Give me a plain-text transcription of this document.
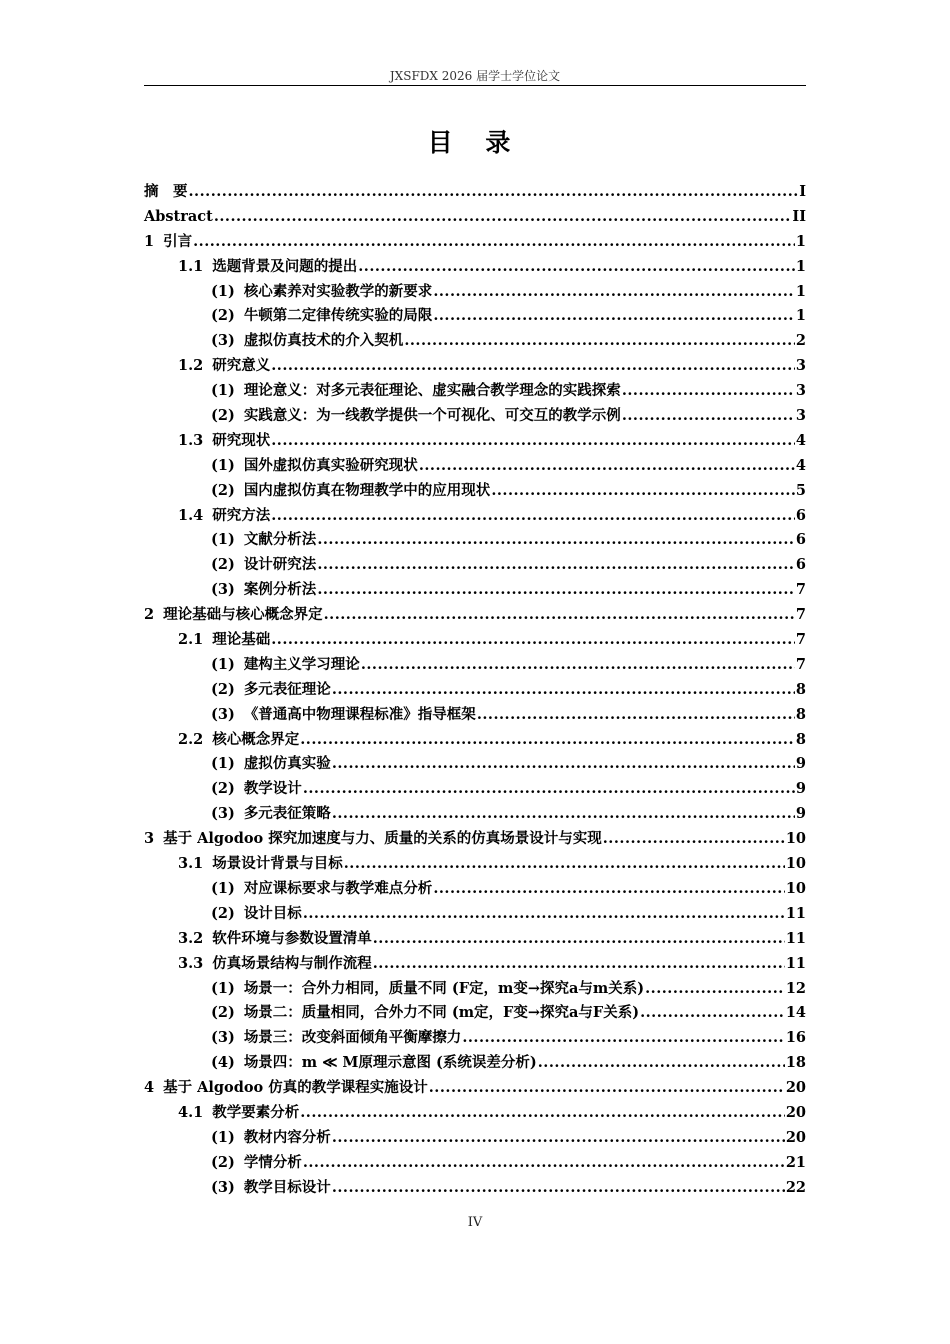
JXSFDX 2026 届学士学位论文
目 录
摘　要 .....	I
Abstract .....	II
1 引言 .....	1
1.1 选题背景及问题的提出 .....	1
(1) 核心素养对实验教学的新要求 .....	1
(2) 牛顿第二定律传统实验的局限 .....	1
(3) 虚拟仿真技术的介入契机 .....	2
1.2 研究意义 .....	3
(1) 理论意义：对多元表征理论、虚实融合教学理念的实践探索 .....	3
(2) 实践意义：为一线教学提供一个可视化、可交互的教学示例 .....	3
1.3 研究现状 .....	4
(1) 国外虚拟仿真实验研究现状 .....	4
(2) 国内虚拟仿真在物理教学中的应用现状 .....	5
1.4 研究方法 .....	6
(1) 文献分析法 .....	6
(2) 设计研究法 .....	6
(3) 案例分析法 .....	7
2 理论基础与核心概念界定 .....	7
2.1 理论基础 .....	7
(1) 建构主义学习理论 .....	7
(2) 多元表征理论 .....	8
(3) 《普通高中物理课程标准》指导框架 .....	8
2.2 核心概念界定 .....	8
(1) 虚拟仿真实验 .....	9
(2) 教学设计 .....	9
(3) 多元表征策略 .....	9
3 基于 Algodoo 探究加速度与力、质量的关系的仿真场景设计与实现 .....	10
3.1 场景设计背景与目标 .....	10
(1) 对应课标要求与教学难点分析 .....	10
(2) 设计目标 .....	11
3.2 软件环境与参数设置清单 .....	11
3.3 仿真场景结构与制作流程 .....	11
(1) 场景一：合外力相同，质量不同 (F定，m变→探究a与m关系) .....	12
(2) 场景二：质量相同，合外力不同 (m定，F变→探究a与F关系) .....	14
(3) 场景三：改变斜面倾角平衡摩擦力 .....	16
(4) 场景四：m ≪ M原理示意图 (系统误差分析) .....	18
4 基于 Algodoo 仿真的教学课程实施设计 .....	20
4.1 教学要素分析 .....	20
(1) 教材内容分析 .....	20
(2) 学情分析 .....	21
(3) 教学目标设计 .....	22
IV
